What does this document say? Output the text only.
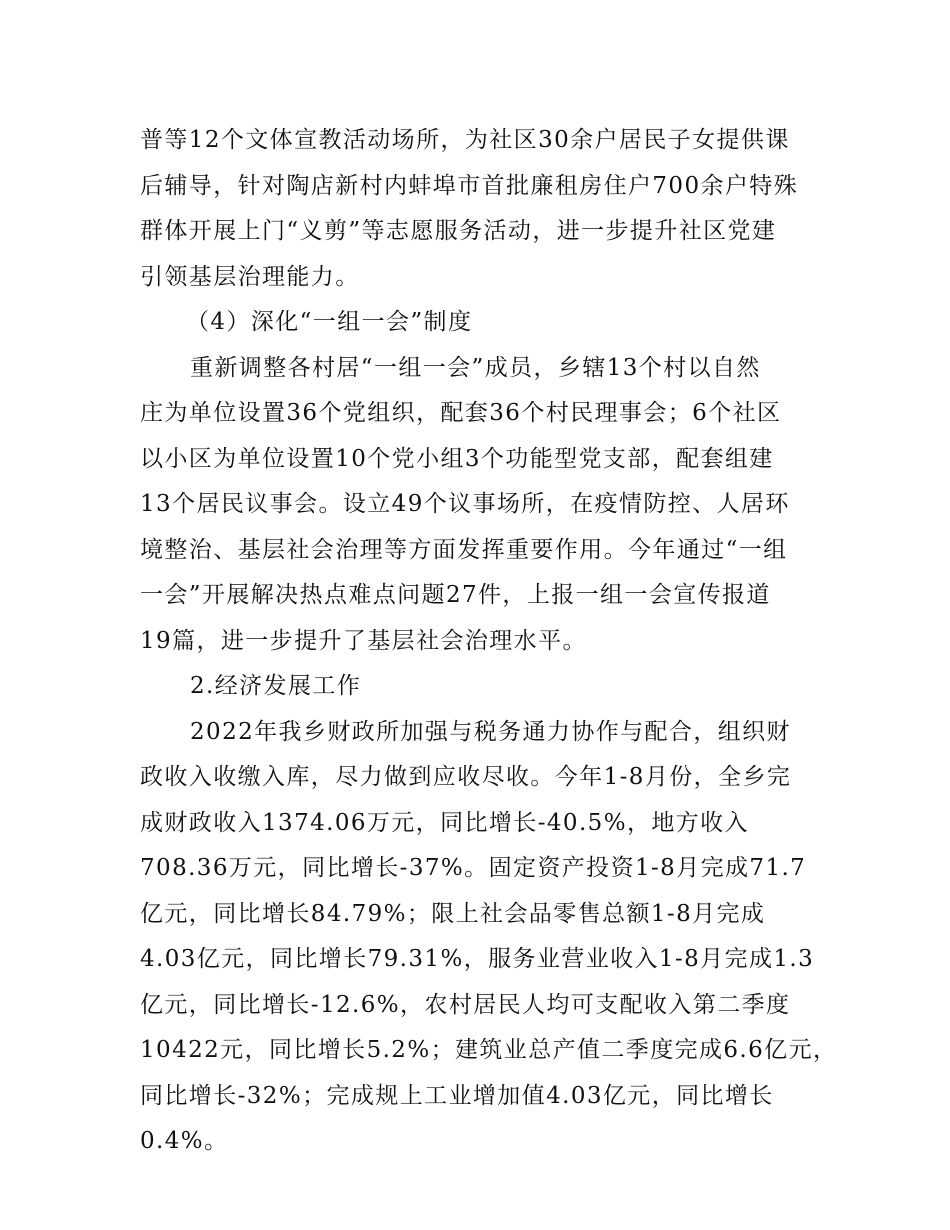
普等12个文体宣教活动场所，为社区30余户居民子女提供课
后辅导，针对陶店新村内蚌埠市首批廉租房住户700余户特殊
群体开展上门“义剪”等志愿服务活动，进一步提升社区党建
引领基层治理能力。
（4）深化“一组一会”制度
重新调整各村居“一组一会”成员，乡辖13个村以自然
庄为单位设置36个党组织，配套36个村民理事会；6个社区
以小区为单位设置10个党小组3个功能型党支部，配套组建
13个居民议事会。设立49个议事场所，在疫情防控、人居环
境整治、基层社会治理等方面发挥重要作用。今年通过“一组
一会”开展解决热点难点问题27件，上报一组一会宣传报道
19篇，进一步提升了基层社会治理水平。
2.经济发展工作
2022年我乡财政所加强与税务通力协作与配合，组织财
政收入收缴入库，尽力做到应收尽收。今年1-8月份，全乡完
成财政收入1374.06万元，同比增长-40.5%，地方收入
708.36万元，同比增长-37%。固定资产投资1-8月完成71.7
亿元，同比增长84.79%；限上社会品零售总额1-8月完成
4.03亿元，同比增长79.31%，服务业营业收入1-8月完成1.3
亿元，同比增长-12.6%，农村居民人均可支配收入第二季度
10422元，同比增长5.2%；建筑业总产值二季度完成6.6亿元，
同比增长-32%；完成规上工业增加值4.03亿元，同比增长
0.4%。
